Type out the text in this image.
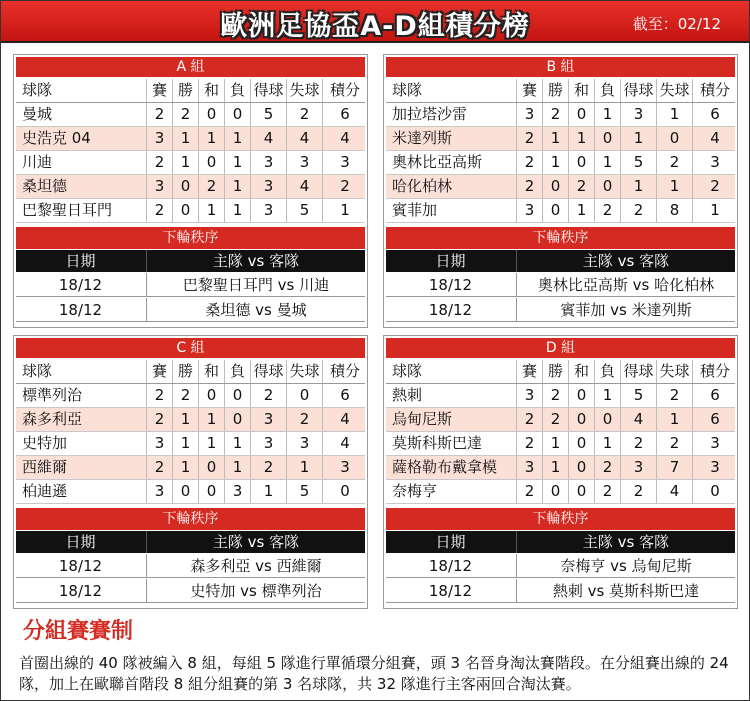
歐洲足協盃A-D組積分榜	截至：02/12
A 組
球隊	賽 勝 和 負 得球 失球 積分
曼城	2	2	0	0	5	2	6
史浩克 04	3	1	1	1	4	4	4
川迪	2	1	0	1	3	3	3
桑坦德	3	0	2	1	3	4	2
巴黎聖日耳門	2	0	1	1	3	5	1
下輪秩序
日期	主隊 vs 客隊
18/12	巴黎聖日耳門 vs 川迪
18/12	桑坦德 vs 曼城
B 組
球隊	賽 勝 和 負 得球 失球 積分
加拉塔沙雷	3	2	0	1	3	1	6
米達列斯	2	1	1	0	1	0	4
奧林比亞高斯	2	1	0	1	5	2	3
哈化柏林	2	0	2	0	1	1	2
賓菲加	3	0	1	2	2	8	1
下輪秩序
日期	主隊 vs 客隊
18/12	奧林比亞高斯 vs 哈化柏林
18/12	賓菲加 vs 米達列斯
C 組
球隊	賽 勝 和 負 得球 失球 積分
標準列治	2	2	0	0	2	0	6
森多利亞	2	1	1	0	3	2	4
史特加	3	1	1	1	3	3	4
西維爾	2	1	0	1	2	1	3
柏迪遜	3	0	0	3	1	5	0
下輪秩序
日期	主隊 vs 客隊
18/12	森多利亞 vs 西維爾
18/12	史特加 vs 標準列治
D 組
球隊	賽 勝 和 負 得球 失球 積分
熱刺	3	2	0	1	5	2	6
烏甸尼斯	2	2	0	0	4	1	6
莫斯科斯巴達	2	1	0	1	2	2	3
薩格勒布戴拿模	3	1	0	2	3	7	3
奈梅亨	2	0	0	2	2	4	0
下輪秩序
日期	主隊 vs 客隊
18/12	奈梅亨 vs 烏甸尼斯
18/12	熱刺 vs 莫斯科斯巴達
分組賽賽制
首圈出線的 40 隊被編入 8 組，每組 5 隊進行單循環分組賽，頭 3 名晉身淘汰賽階段。在分組賽出線的 24 隊，加上在歐聯首階段 8 組分組賽的第 3 名球隊，共 32 隊進行主客兩回合淘汰賽。
